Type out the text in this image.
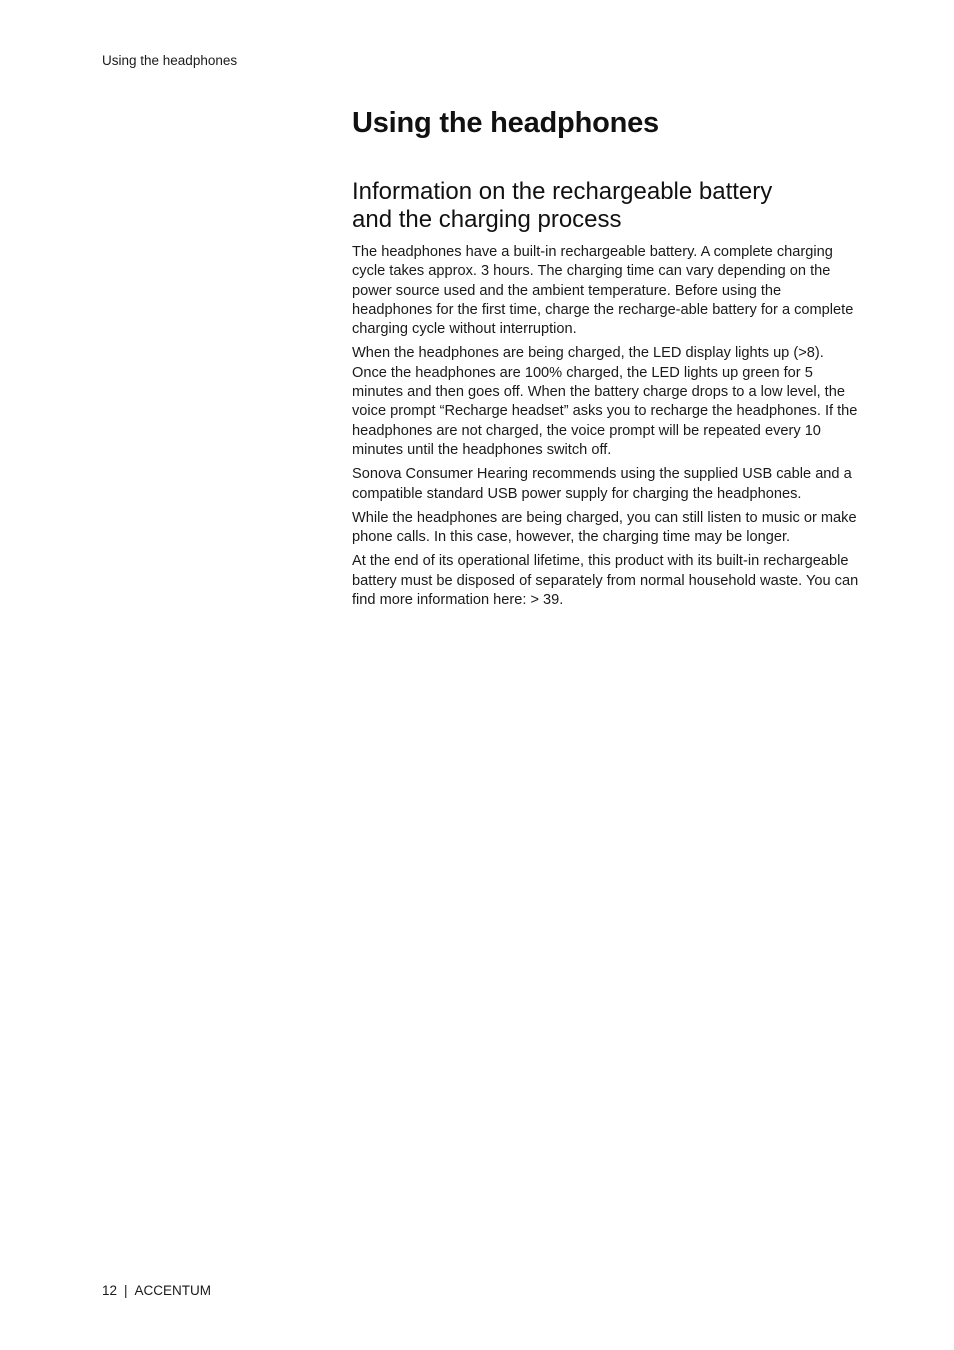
Using the headphones
Using the headphones
Information on the rechargeable battery
and the charging process

The headphones have a built-in rechargeable battery. A complete charging cycle takes approx. 3 hours. The charging time can vary depending on the power source used and the ambient temperature. Before using the headphones for the first time, charge the recharge-able battery for a complete charging cycle without interruption.

When the headphones are being charged, the LED display lights up (>8). Once the headphones are 100% charged, the LED lights up green for 5 minutes and then goes off. When the battery charge drops to a low level, the voice prompt “Recharge headset” asks you to recharge the headphones. If the headphones are not charged, the voice prompt will be repeated every 10 minutes until the headphones switch off.

Sonova Consumer Hearing recommends using the supplied USB cable and a compatible standard USB power supply for charging the headphones.

While the headphones are being charged, you can still listen to music or make phone calls. In this case, however, the charging time may be longer.

At the end of its operational lifetime, this product with its built-in rechargeable battery must be disposed of separately from normal household waste. You can find more information here: > 39.

12 | ACCENTUM
